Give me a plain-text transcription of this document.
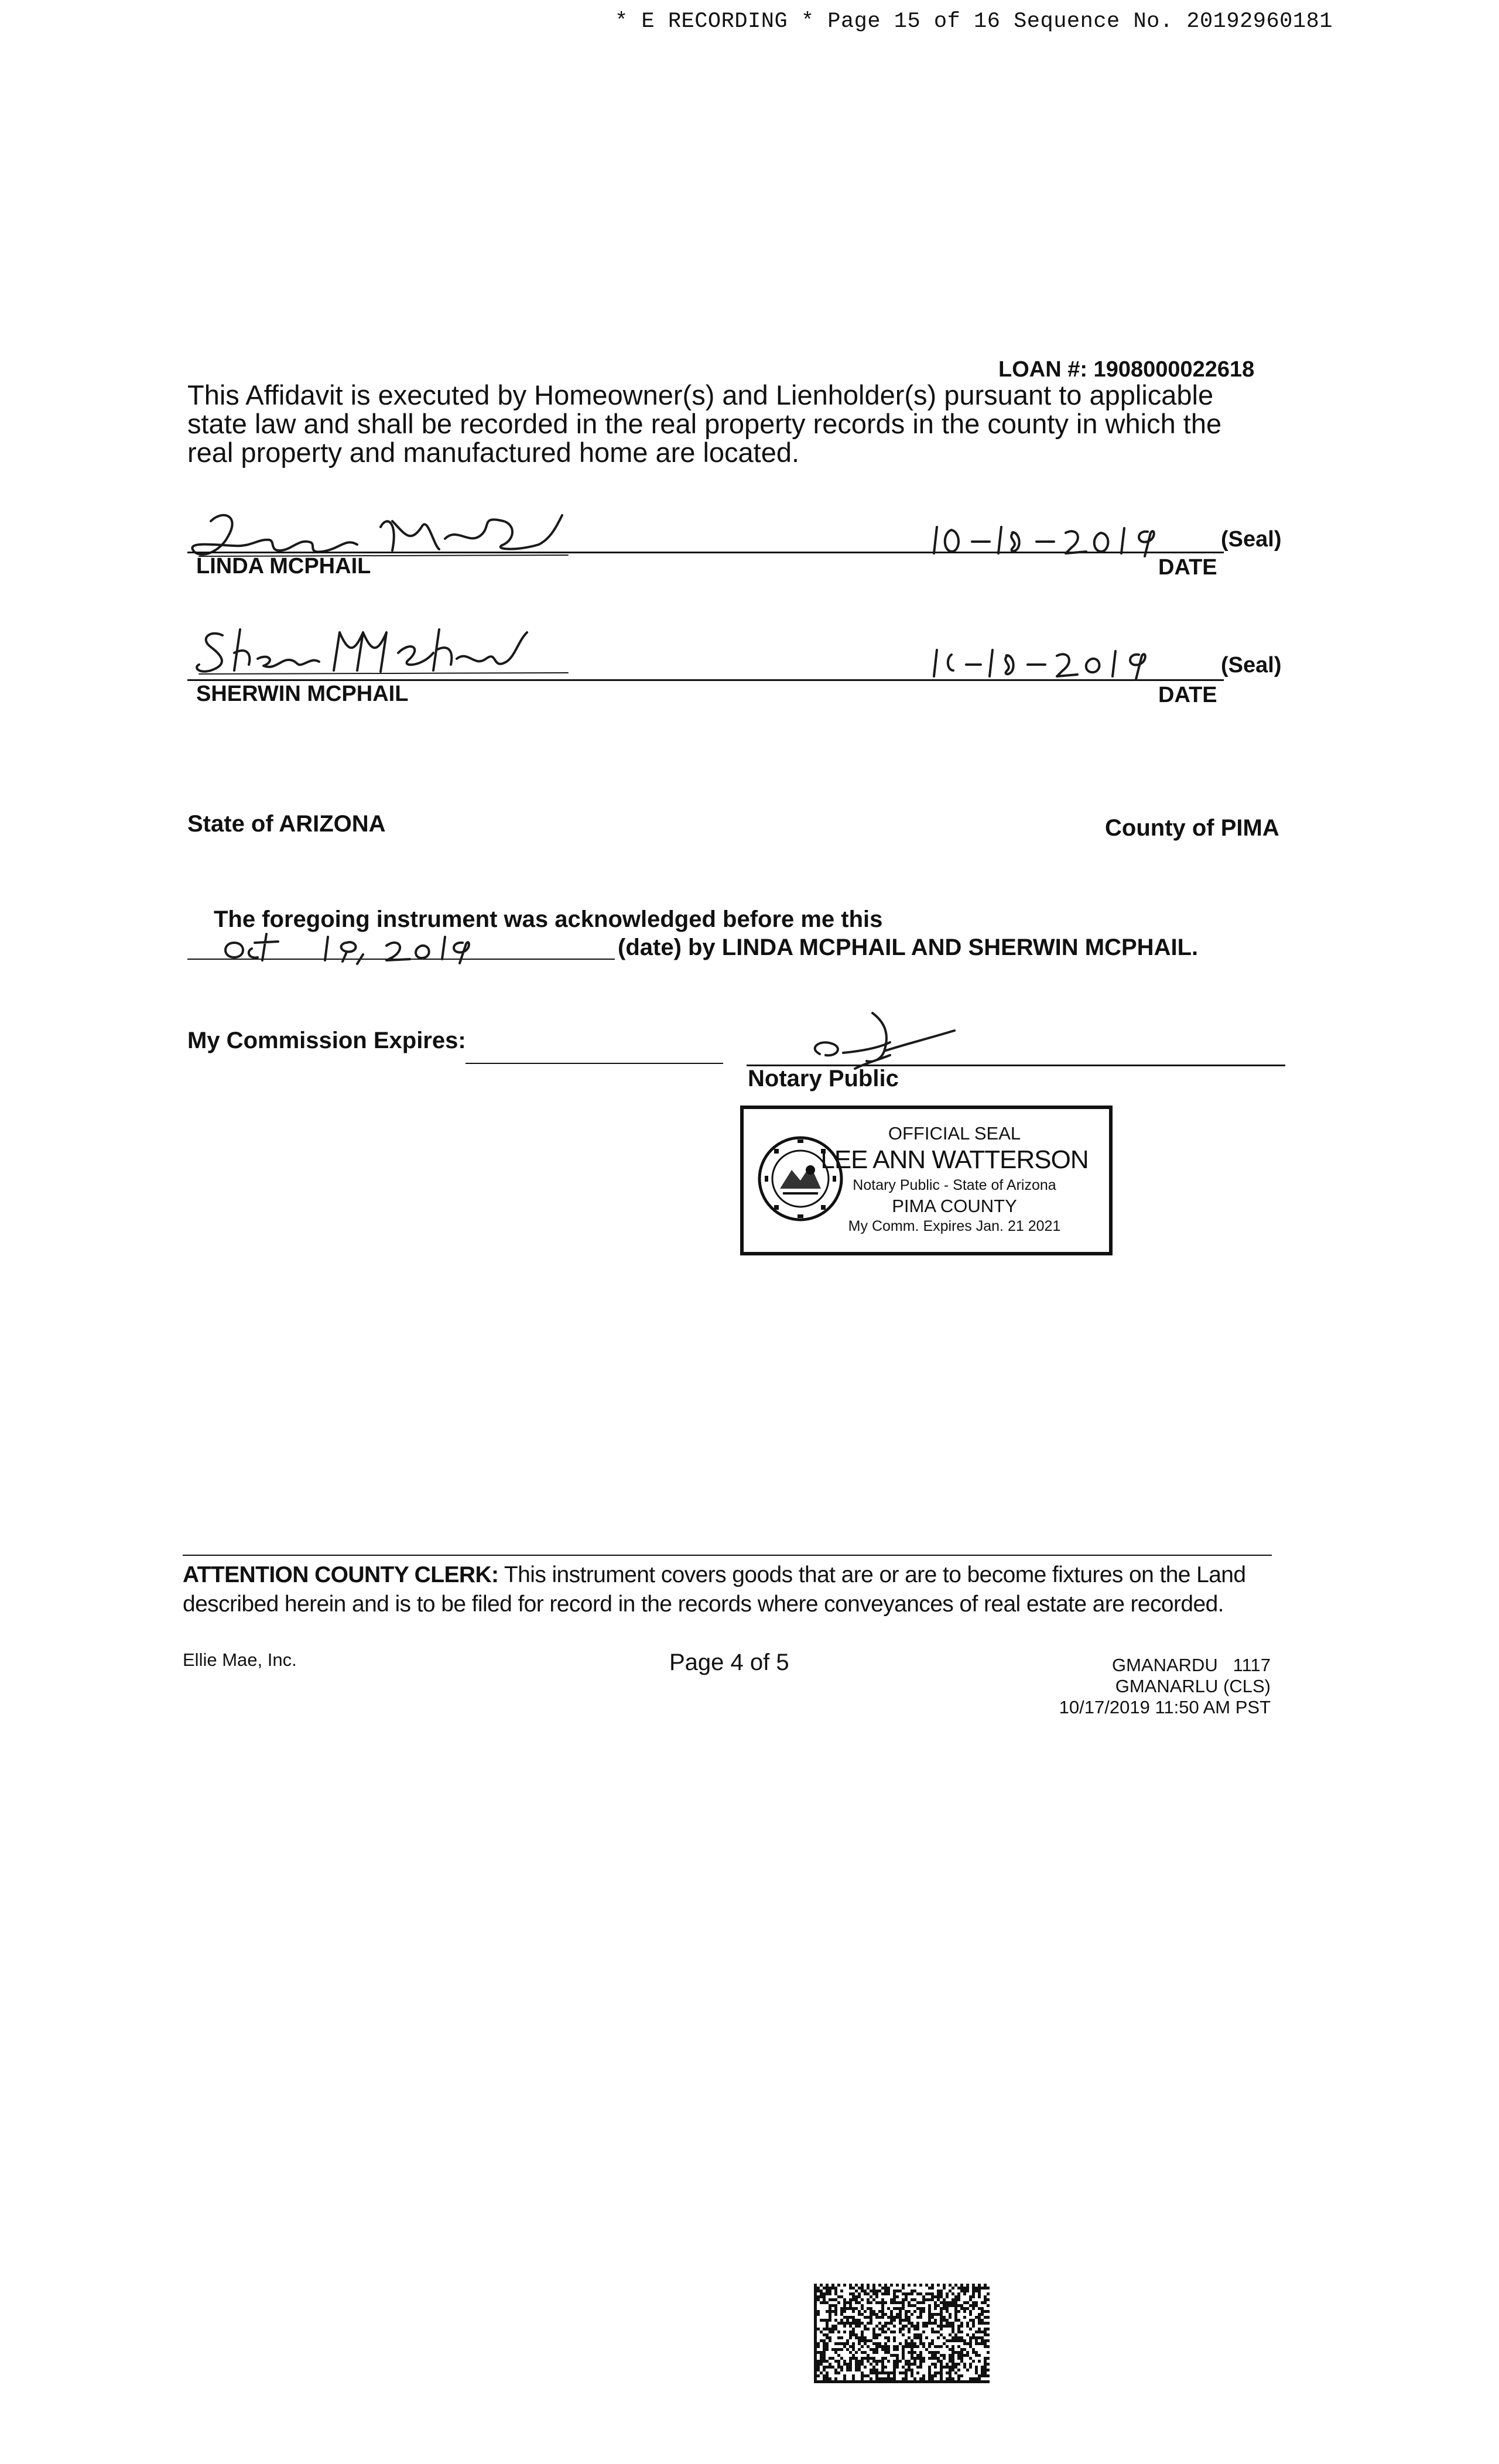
* E RECORDING * Page 15 of 16 Sequence No. 20192960181
LOAN #: 1908000022618
This Affidavit is executed by Homeowner(s) and Lienholder(s) pursuant to applicable
state law and shall be recorded in the real property records in the county in which the
real property and manufactured home are located.
LINDA MCPHAIL
(Seal)
DATE
SHERWIN MCPHAIL
(Seal)
DATE
State of ARIZONA	County of PIMA
The foregoing instrument was acknowledged before me this
(date) by LINDA MCPHAIL AND SHERWIN MCPHAIL.
My Commission Expires:
Notary Public
OFFICIAL SEAL
LEE ANN WATTERSON
Notary Public - State of Arizona
PIMA COUNTY
My Comm. Expires Jan. 21 2021
ATTENTION COUNTY CLERK: This instrument covers goods that are or are to become fixtures on the Land
described herein and is to be filed for record in the records where conveyances of real estate are recorded.
Ellie Mae, Inc.	Page 4 of 5	GMANARDU   1117
GMANARLU (CLS)
10/17/2019 11:50 AM PST
